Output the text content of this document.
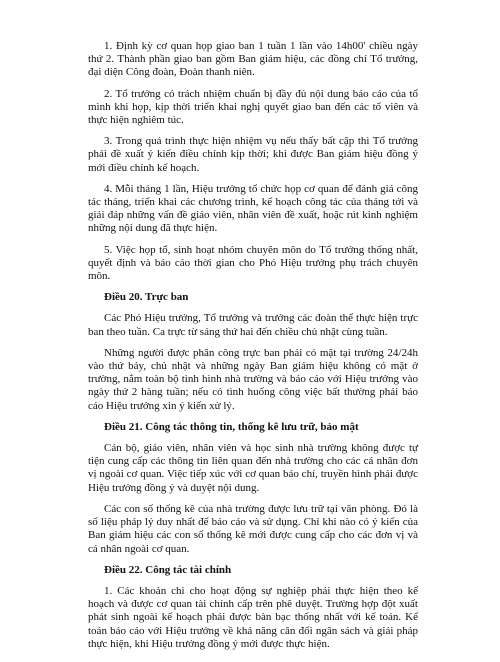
1. Định kỳ cơ quan họp giao ban 1 tuần 1 lần vào 14h00' chiều ngày thứ 2. Thành phần giao ban gồm Ban giám hiệu, các đồng chí Tổ trưởng, đại diện Công đoàn, Đoàn thanh niên.

2. Tổ trưởng có trách nhiệm chuẩn bị đầy đủ nội dung báo cáo của tổ mình khi họp, kịp thời triển khai nghị quyết giao ban đến các tổ viên và thực hiện nghiêm túc.

3. Trong quá trình thực hiện nhiệm vụ nếu thấy bất cập thì Tổ trưởng phải đề xuất ý kiến điều chỉnh kịp thời; khi được Ban giám hiệu đồng ý mới điều chỉnh kế hoạch.

4. Mỗi tháng 1 lần, Hiệu trưởng tổ chức họp cơ quan để đánh giá công tác tháng, triển khai các chương trình, kế hoạch công tác của tháng tới và giải đáp những vấn đề giáo viên, nhân viên đề xuất, hoặc rút kinh nghiệm những nội dung đã thực hiện.

5. Việc họp tổ, sinh hoạt nhóm chuyên môn do Tổ trưởng thống nhất, quyết định và báo cáo thời gian cho Phó Hiệu trưởng phụ trách chuyên môn.

Điều 20. Trực ban

Các Phó Hiệu trưởng, Tổ trưởng và trưởng các đoàn thể thực hiện trực ban theo tuần. Ca trực từ sáng thứ hai đến chiều chủ nhật cùng tuần.

Những người được phân công trực ban phải có mặt tại trường 24/24h vào thứ bảy, chủ nhật và những ngày Ban giám hiệu không có mặt ở trường, nắm toàn bộ tình hình nhà trường và báo cáo với Hiệu trưởng vào ngày thứ 2 hàng tuần; nếu có tình huống công việc bất thường phải báo cáo Hiệu trưởng xin ý kiến xử lý.

Điều 21. Công tác thông tin, thống kê lưu trữ, bảo mật

Cán bộ, giáo viên, nhân viên và học sinh nhà trường không được tự tiện cung cấp các thông tin liên quan đến nhà trường cho các cá nhân đơn vị ngoài cơ quan. Việc tiếp xúc với cơ quan báo chí, truyền hình phải được Hiệu trưởng đồng ý và duyệt nội dung.

Các con số thống kê của nhà trường được lưu trữ tại văn phòng. Đó là số liệu pháp lý duy nhất để báo cáo và sử dụng. Chỉ khi nào có ý kiến của Ban giám hiệu các con số thống kê mới được cung cấp cho các đơn vị và cá nhân ngoài cơ quan.

Điều 22. Công tác tài chính

1. Các khoản chi cho hoạt động sự nghiệp phải thực hiện theo kế hoạch và được cơ quan tài chính cấp trên phê duyệt. Trường hợp đột xuất phát sinh ngoài kế hoạch phải được bàn bạc thống nhất với kế toán. Kế toán báo cáo với Hiệu trưởng về khả năng cân đối ngân sách và giải pháp thực hiện, khi Hiệu trưởng đồng ý mới được thực hiện.
